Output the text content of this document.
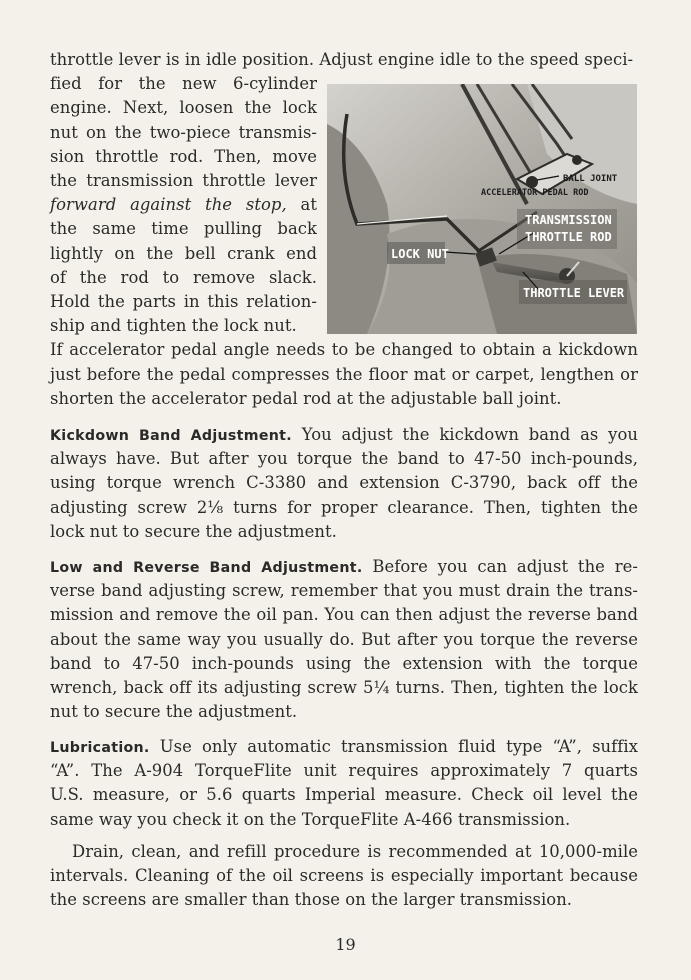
throttle lever is in idle position. Adjust engine idle to the speed speci-
fied for the new 6-cylinder
engine. Next, loosen the lock
nut on the two-piece transmis-
sion throttle rod. Then, move
the transmission throttle lever
forward against the stop, at
the same time pulling back
lightly on the bell crank end
of the rod to remove slack.
Hold the parts in this relation-
ship and tighten the lock nut.
BALL JOINT
ACCELERATOR PEDAL ROD
TRANSMISSION
THROTTLE ROD
LOCK NUT
THROTTLE LEVER
If accelerator pedal angle needs to be changed to obtain a kickdown
just before the pedal compresses the floor mat or carpet, lengthen or
shorten the accelerator pedal rod at the adjustable ball joint.
Kickdown Band Adjustment. You adjust the kickdown band as you
always have. But after you torque the band to 47-50 inch-pounds,
using torque wrench C-3380 and extension C-3790, back off the
adjusting screw 2⅛ turns for proper clearance. Then, tighten the
lock nut to secure the adjustment.
Low and Reverse Band Adjustment. Before you can adjust the re-
verse band adjusting screw, remember that you must drain the trans-
mission and remove the oil pan. You can then adjust the reverse band
about the same way you usually do. But after you torque the reverse
band to 47-50 inch-pounds using the extension with the torque
wrench, back off its adjusting screw 5¼ turns. Then, tighten the lock
nut to secure the adjustment.
Lubrication. Use only automatic transmission fluid type “A”, suffix
“A”. The A-904 TorqueFlite unit requires approximately 7 quarts
U.S. measure, or 5.6 quarts Imperial measure. Check oil level the
same way you check it on the TorqueFlite A-466 transmission.
Drain, clean, and refill procedure is recommended at 10,000-mile
intervals. Cleaning of the oil screens is especially important because
the screens are smaller than those on the larger transmission.
19
